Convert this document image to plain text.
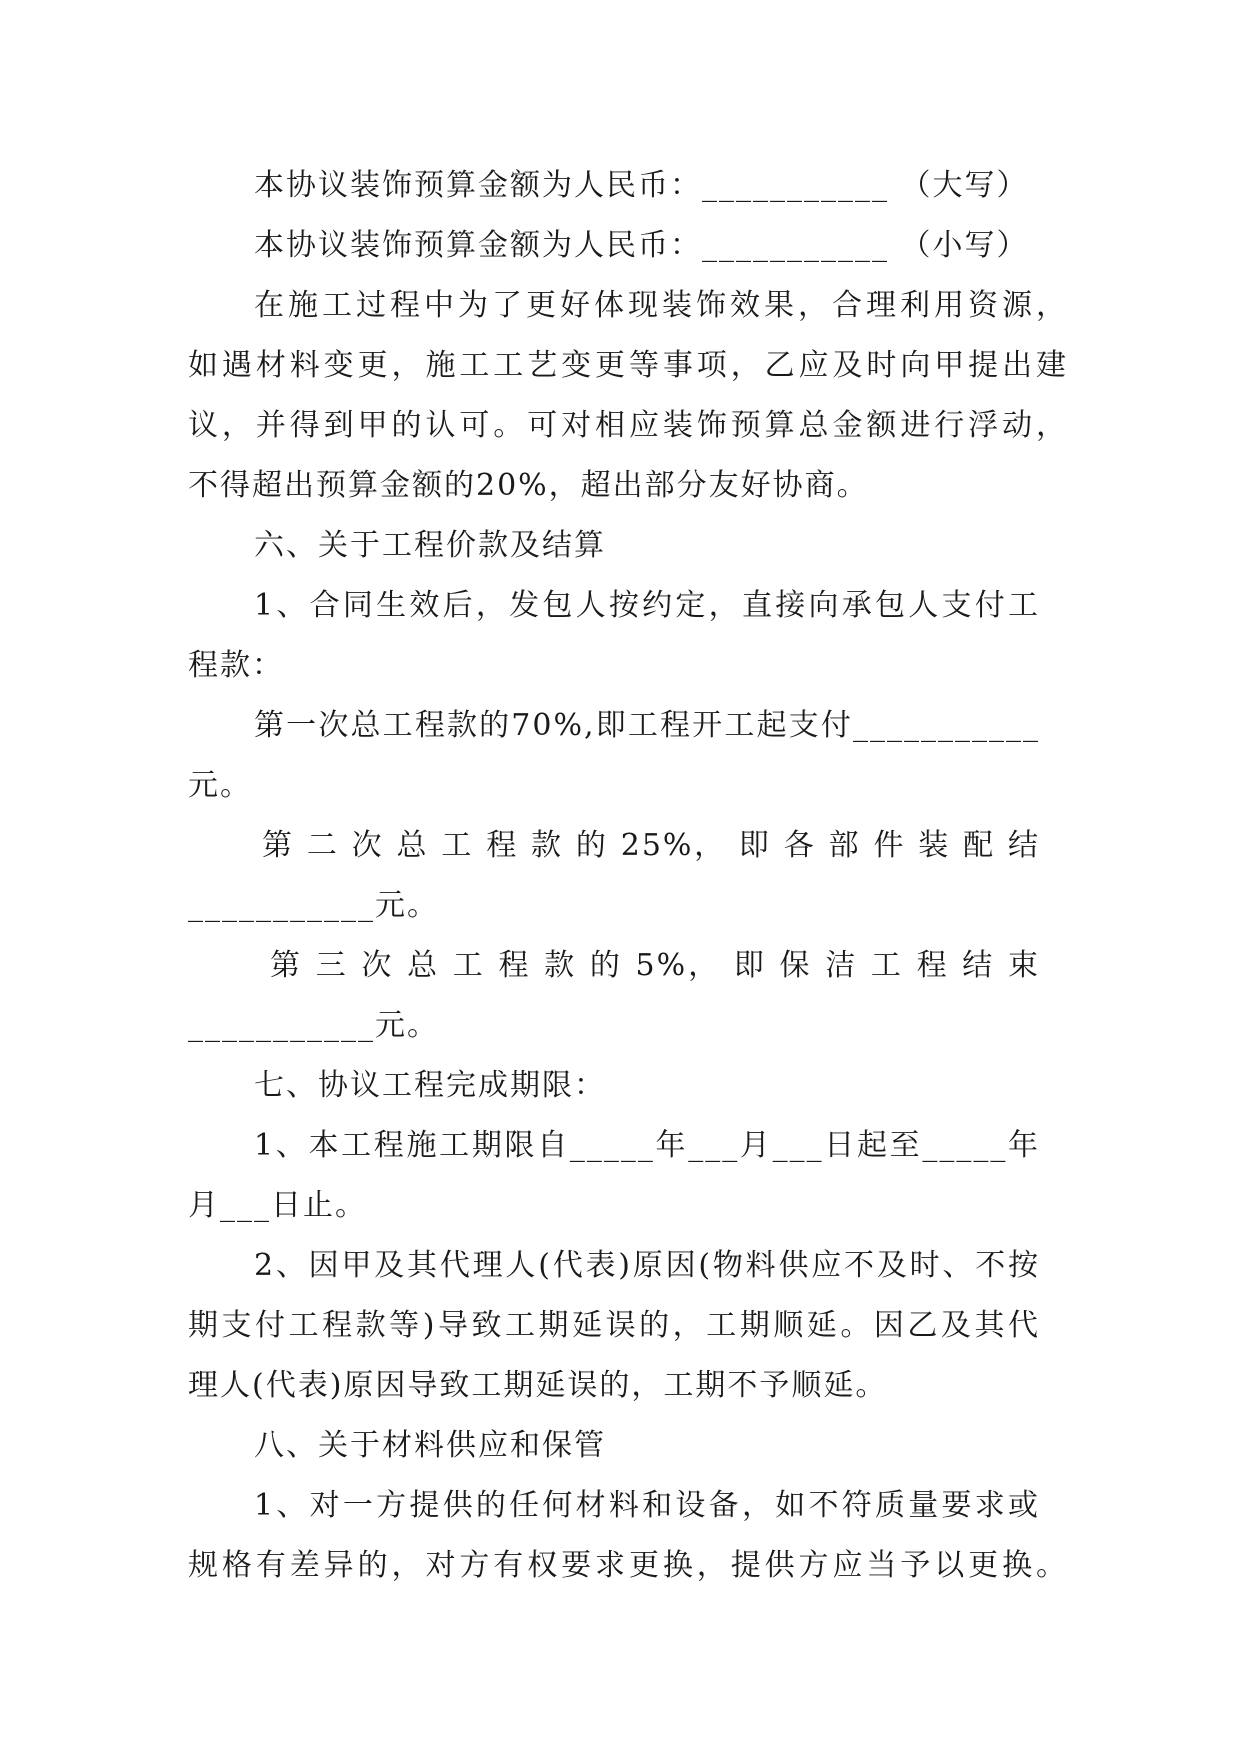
本协议装饰预算金额为人民币：___________ （大写）
本协议装饰预算金额为人民币：___________ （小写）
在施工过程中为了更好体现装饰效果，合理利用资源，
如遇材料变更，施工工艺变更等事项，乙应及时向甲提出建
议，并得到甲的认可。可对相应装饰预算总金额进行浮动，
不得超出预算金额的20%，超出部分友好协商。
六、关于工程价款及结算
1、合同生效后，发包人按约定，直接向承包人支付工
程款：
第一次总工程款的70%,即工程开工起支付___________
元。
第 二 次 总 工 程 款 的 25%， 即 各 部 件 装 配 结
___________元。
第 三 次 总 工 程 款 的 5%， 即 保 洁 工 程 结 束
___________元。
七、协议工程完成期限：
1、本工程施工期限自_____年___月___日起至_____年
月___日止。
2、因甲及其代理人(代表)原因(物料供应不及时、不按
期支付工程款等)导致工期延误的，工期顺延。因乙及其代
理人(代表)原因导致工期延误的，工期不予顺延。
八、关于材料供应和保管
1、对一方提供的任何材料和设备，如不符质量要求或
规格有差异的，对方有权要求更换，提供方应当予以更换。
